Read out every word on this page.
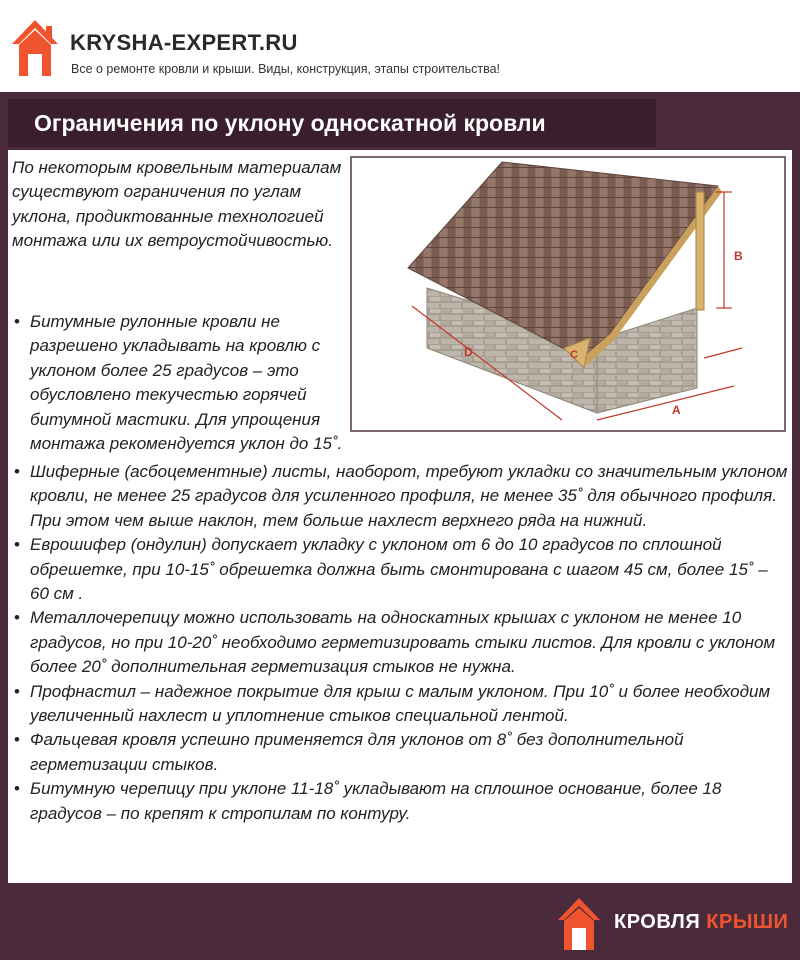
KRYSHA-EXPERT.RU
Все о ремонте кровли и крыши. Виды, конструкция, этапы строительства!
Ограничения по уклону односкатной кровли
По некоторым кровельным материалам существуют ограничения по углам уклона, продиктованные технологией монтажа или их ветроустойчивостью.
• Битумные рулонные кровли не разрешено укладывать на кровлю с уклоном более 25 градусов – это обусловлено текучестью горячей битумной мастики. Для упрощения монтажа рекомендуется уклон до 15˚.
• Шиферные (асбоцементные) листы, наоборот, требуют укладки со значительным уклоном кровли, не менее 25 градусов для усиленного профиля, не менее 35˚ для обычного профиля. При этом чем выше наклон, тем больше нахлест верхнего ряда на нижний.
• Еврошифер (ондулин) допускает укладку с уклоном от 6 до 10 градусов по сплошной обрешетке, при 10-15˚ обрешетка должна быть смонтирована с шагом 45 см, более 15˚ – 60 см .
• Металлочерепицу можно использовать на односкатных крышах с уклоном не менее 10 градусов, но при 10-20˚ необходимо герметизировать стыки листов. Для кровли с уклоном более 20˚ дополнительная герметизация стыков не нужна.
• Профнастил – надежное покрытие для крыш с малым уклоном. При 10˚ и более необходим увеличенный нахлест и уплотнение стыков специальной лентой.
• Фальцевая кровля успешно применяется для уклонов от 8˚ без дополнительной герметизации стыков.
• Битумную черепицу при уклоне 11-18˚ укладывают на сплошное основание, более 18 градусов – по крепят к стропилам по контуру.
B
D
A
C
КРОВЛЯ КРЫШИ
